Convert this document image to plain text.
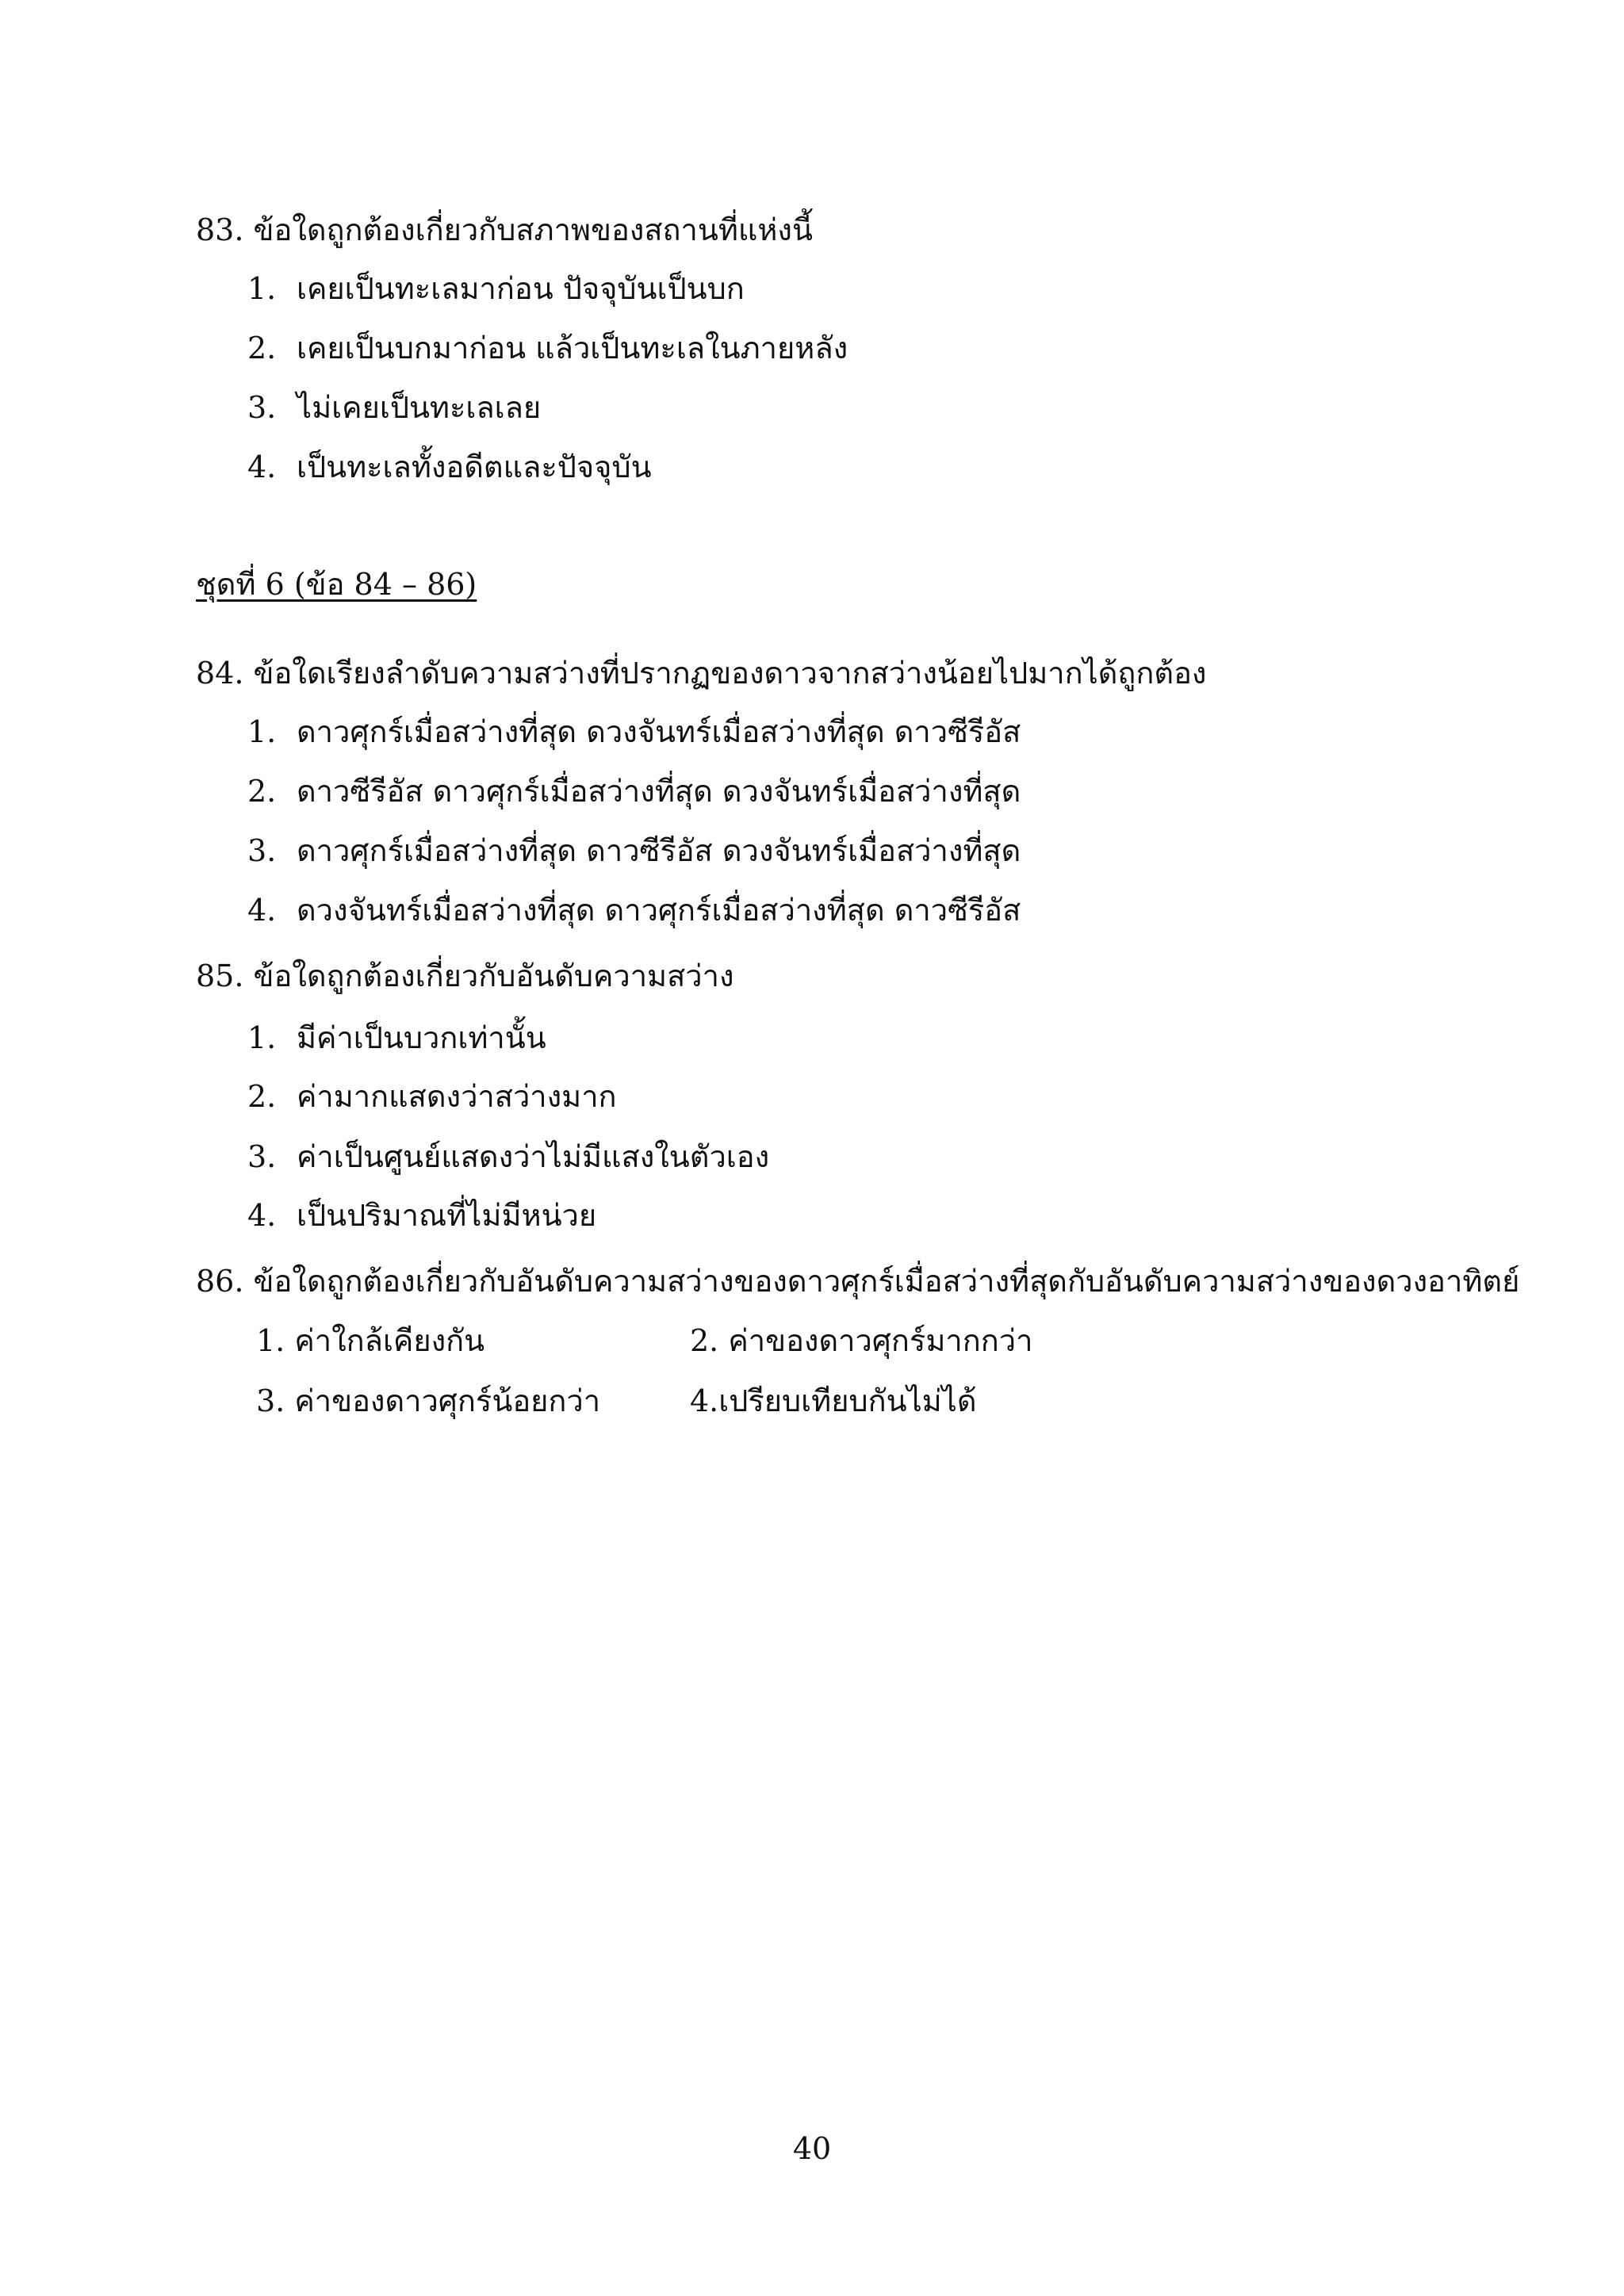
83. ข้อใดถูกต้องเกี่ยวกับสภาพของสถานที่แห่งนี้
1. เคยเป็นทะเลมาก่อน ปัจจุบันเป็นบก
2. เคยเป็นบกมาก่อน แล้วเป็นทะเลในภายหลัง
3. ไม่เคยเป็นทะเลเลย
4. เป็นทะเลทั้งอดีตและปัจจุบัน
ชุดที่ 6 (ข้อ 84 – 86)
84. ข้อใดเรียงลำดับความสว่างที่ปรากฏของดาวจากสว่างน้อยไปมากได้ถูกต้อง
1. ดาวศุกร์เมื่อสว่างที่สุด ดวงจันทร์เมื่อสว่างที่สุด ดาวซีรีอัส
2. ดาวซีรีอัส ดาวศุกร์เมื่อสว่างที่สุด ดวงจันทร์เมื่อสว่างที่สุด
3. ดาวศุกร์เมื่อสว่างที่สุด ดาวซีรีอัส ดวงจันทร์เมื่อสว่างที่สุด
4. ดวงจันทร์เมื่อสว่างที่สุด ดาวศุกร์เมื่อสว่างที่สุด ดาวซีรีอัส
85. ข้อใดถูกต้องเกี่ยวกับอันดับความสว่าง
1. มีค่าเป็นบวกเท่านั้น
2. ค่ามากแสดงว่าสว่างมาก
3. ค่าเป็นศูนย์แสดงว่าไม่มีแสงในตัวเอง
4. เป็นปริมาณที่ไม่มีหน่วย
86. ข้อใดถูกต้องเกี่ยวกับอันดับความสว่างของดาวศุกร์เมื่อสว่างที่สุดกับอันดับความสว่างของดวงอาทิตย์
1. ค่าใกล้เคียงกัน	2. ค่าของดาวศุกร์มากกว่า
3. ค่าของดาวศุกร์น้อยกว่า	4.เปรียบเทียบกันไม่ได้
40
